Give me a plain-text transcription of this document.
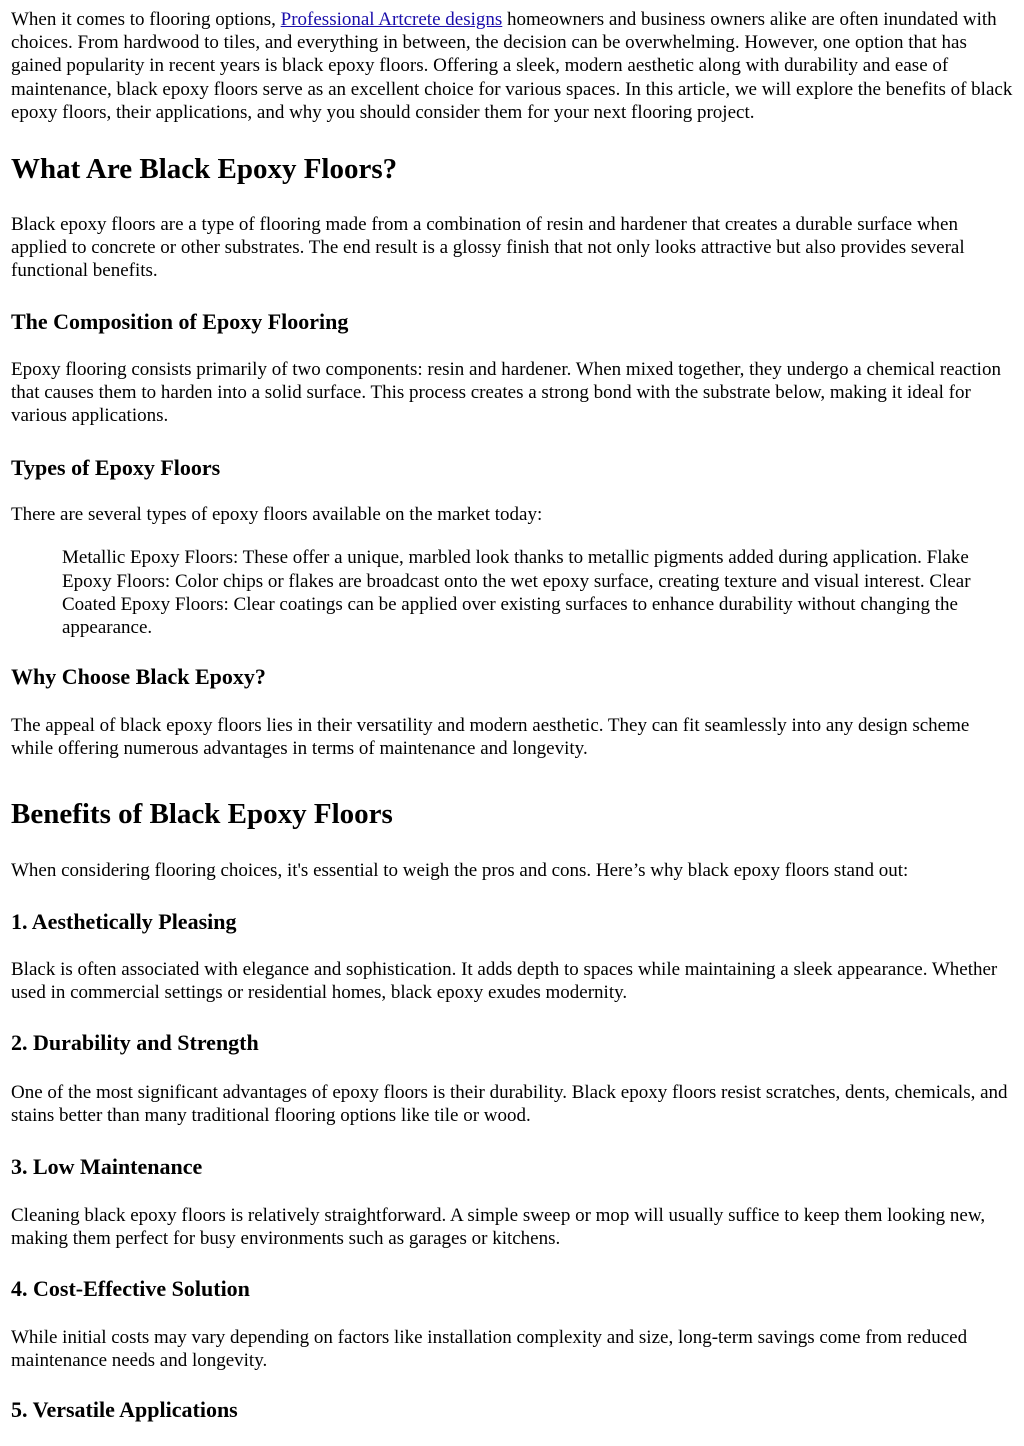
When it comes to flooring options, Professional Artcrete designs homeowners and business owners alike are often inundated with choices. From hardwood to tiles, and everything in between, the decision can be overwhelming. However, one option that has gained popularity in recent years is black epoxy floors. Offering a sleek, modern aesthetic along with durability and ease of maintenance, black epoxy floors serve as an excellent choice for various spaces. In this article, we will explore the benefits of black epoxy floors, their applications, and why you should consider them for your next flooring project.

What Are Black Epoxy Floors?

Black epoxy floors are a type of flooring made from a combination of resin and hardener that creates a durable surface when applied to concrete or other substrates. The end result is a glossy finish that not only looks attractive but also provides several functional benefits.

The Composition of Epoxy Flooring

Epoxy flooring consists primarily of two components: resin and hardener. When mixed together, they undergo a chemical reaction that causes them to harden into a solid surface. This process creates a strong bond with the substrate below, making it ideal for various applications.

Types of Epoxy Floors

There are several types of epoxy floors available on the market today:

Metallic Epoxy Floors: These offer a unique, marbled look thanks to metallic pigments added during application. Flake Epoxy Floors: Color chips or flakes are broadcast onto the wet epoxy surface, creating texture and visual interest. Clear Coated Epoxy Floors: Clear coatings can be applied over existing surfaces to enhance durability without changing the appearance.

Why Choose Black Epoxy?

The appeal of black epoxy floors lies in their versatility and modern aesthetic. They can fit seamlessly into any design scheme while offering numerous advantages in terms of maintenance and longevity.

Benefits of Black Epoxy Floors

When considering flooring choices, it's essential to weigh the pros and cons. Here’s why black epoxy floors stand out:

1. Aesthetically Pleasing

Black is often associated with elegance and sophistication. It adds depth to spaces while maintaining a sleek appearance. Whether used in commercial settings or residential homes, black epoxy exudes modernity.

2. Durability and Strength

One of the most significant advantages of epoxy floors is their durability. Black epoxy floors resist scratches, dents, chemicals, and stains better than many traditional flooring options like tile or wood.

3. Low Maintenance

Cleaning black epoxy floors is relatively straightforward. A simple sweep or mop will usually suffice to keep them looking new, making them perfect for busy environments such as garages or kitchens.

4. Cost-Effective Solution

While initial costs may vary depending on factors like installation complexity and size, long-term savings come from reduced maintenance needs and longevity.

5. Versatile Applications
